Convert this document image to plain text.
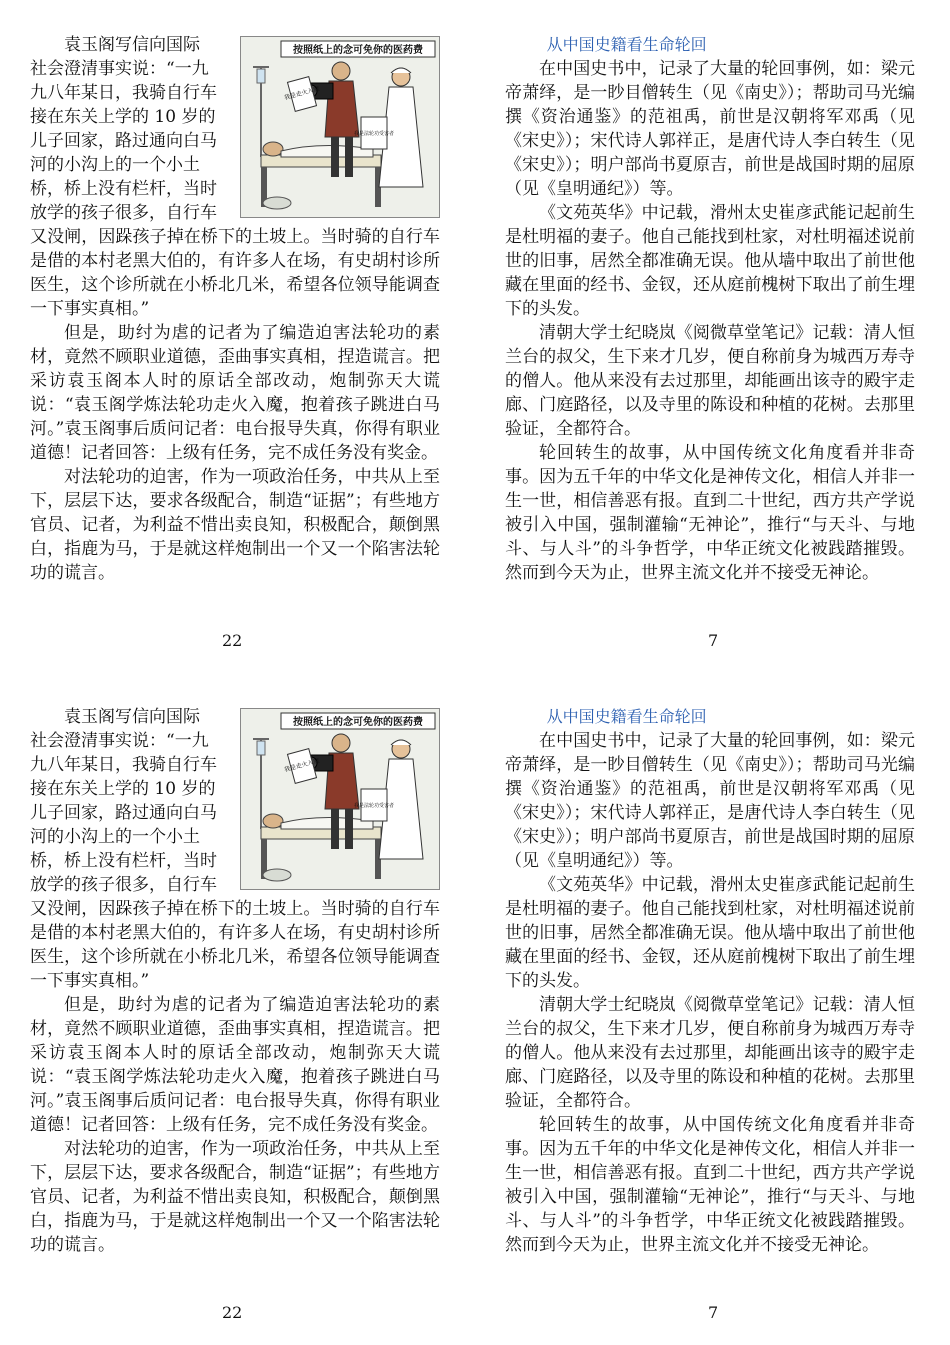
袁玉阁写信向国际

社会澄清事实说：“一九
九八年某日，我骑自行车
接在东关上学的 10 岁的
儿子回家，路过通向白马
河的小沟上的一个小土
桥，桥上没有栏杆，当时
放学的孩子很多，自行车
又没闸，因跺孩子掉在桥下的土坡上。当时骑的自行车是借的本村老黑大伯的，有许多人在场，有史胡村诊所医生，这个诊所就在小桥北几米，希望各位领导能调查一下事实真相。”

但是，助纣为虐的记者为了编造迫害法轮功的素材，竟然不顾职业道德，歪曲事实真相，捏造谎言。把采访袁玉阁本人时的原话全部改动，炮制弥天大谎说：“袁玉阁学炼法轮功走火入魔，抱着孩子跳进白马河。”袁玉阁事后质问记者：电台报导失真，你得有职业道德！记者回答：上级有任务，完不成任务没有奖金。

对法轮功的迫害，作为一项政治任务，中共从上至下，层层下达，要求各级配合，制造“证据”；有些地方官员、记者，为利益不惜出卖良知，积极配合，颠倒黑白，指鹿为马，于是就这样炮制出一个又一个陷害法轮功的谎言。

按照纸上的念可免你的医药费
我是走火入魔
我是法轮功受害者

从中国史籍看生命轮回

在中国史书中，记录了大量的轮回事例，如：梁元帝萧绎，是一眇目僧转生（见《南史》）；帮助司马光编撰《资治通鉴》的范祖禹，前世是汉朝将军邓禹（见《宋史》）；宋代诗人郭祥正，是唐代诗人李白转生（见《宋史》）；明户部尚书夏原吉，前世是战国时期的屈原（见《皇明通纪》）等。

《文苑英华》中记载，滑州太史崔彦武能记起前生是杜明福的妻子。他自己能找到杜家，对杜明福述说前世的旧事，居然全都准确无误。他从墙中取出了前世他藏在里面的经书、金钗，还从庭前槐树下取出了前生埋下的头发。

清朝大学士纪晓岚《阅微草堂笔记》记载：清人恒兰台的叔父，生下来才几岁，便自称前身为城西万寿寺的僧人。他从来没有去过那里，却能画出该寺的殿宇走廊、门庭路径，以及寺里的陈设和种植的花树。去那里验证，全都符合。

轮回转生的故事，从中国传统文化角度看并非奇事。因为五千年的中华文化是神传文化，相信人并非一生一世，相信善恶有报。直到二十世纪，西方共产学说被引入中国，强制灌输“无神论”，推行“与天斗、与地斗、与人斗”的斗争哲学，中华正统文化被践踏摧毁。然而到今天为止，世界主流文化并不接受无神论。

22	7

袁玉阁写信向国际

社会澄清事实说：“一九
九八年某日，我骑自行车
接在东关上学的 10 岁的
儿子回家，路过通向白马
河的小沟上的一个小土
桥，桥上没有栏杆，当时
放学的孩子很多，自行车
又没闸，因跺孩子掉在桥下的土坡上。当时骑的自行车是借的本村老黑大伯的，有许多人在场，有史胡村诊所医生，这个诊所就在小桥北几米，希望各位领导能调查一下事实真相。”

但是，助纣为虐的记者为了编造迫害法轮功的素材，竟然不顾职业道德，歪曲事实真相，捏造谎言。把采访袁玉阁本人时的原话全部改动，炮制弥天大谎说：“袁玉阁学炼法轮功走火入魔，抱着孩子跳进白马河。”袁玉阁事后质问记者：电台报导失真，你得有职业道德！记者回答：上级有任务，完不成任务没有奖金。

对法轮功的迫害，作为一项政治任务，中共从上至下，层层下达，要求各级配合，制造“证据”；有些地方官员、记者，为利益不惜出卖良知，积极配合，颠倒黑白，指鹿为马，于是就这样炮制出一个又一个陷害法轮功的谎言。

按照纸上的念可免你的医药费
我是走火入魔
我是法轮功受害者

从中国史籍看生命轮回

在中国史书中，记录了大量的轮回事例，如：梁元帝萧绎，是一眇目僧转生（见《南史》）；帮助司马光编撰《资治通鉴》的范祖禹，前世是汉朝将军邓禹（见《宋史》）；宋代诗人郭祥正，是唐代诗人李白转生（见《宋史》）；明户部尚书夏原吉，前世是战国时期的屈原（见《皇明通纪》）等。

《文苑英华》中记载，滑州太史崔彦武能记起前生是杜明福的妻子。他自己能找到杜家，对杜明福述说前世的旧事，居然全都准确无误。他从墙中取出了前世他藏在里面的经书、金钗，还从庭前槐树下取出了前生埋下的头发。

清朝大学士纪晓岚《阅微草堂笔记》记载：清人恒兰台的叔父，生下来才几岁，便自称前身为城西万寿寺的僧人。他从来没有去过那里，却能画出该寺的殿宇走廊、门庭路径，以及寺里的陈设和种植的花树。去那里验证，全都符合。

轮回转生的故事，从中国传统文化角度看并非奇事。因为五千年的中华文化是神传文化，相信人并非一生一世，相信善恶有报。直到二十世纪，西方共产学说被引入中国，强制灌输“无神论”，推行“与天斗、与地斗、与人斗”的斗争哲学，中华正统文化被践踏摧毁。然而到今天为止，世界主流文化并不接受无神论。

22	7
